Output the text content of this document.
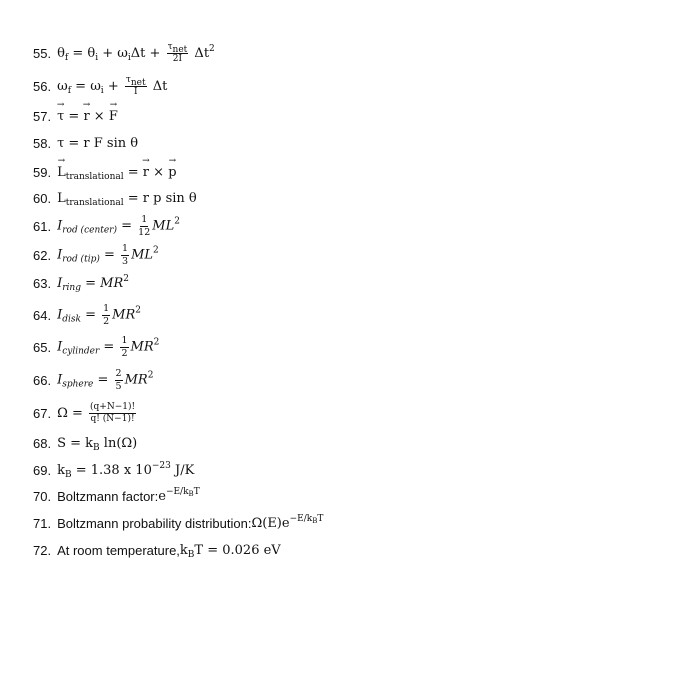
55. $\theta_f = \theta_i + \omega_i\Delta t + \frac{\tau_{net}}{2I} \Delta t^2$
56. $\omega_f = \omega_i + \frac{\tau_{net}}{I}$ Δt
57. τ → = r → × F →
58. τ = r F sin θ
59. $L \to_{translational} = r$ → × p →
60. $L_{translational} = r$ p sin θ
61. $I_{rod (center)} = \frac{1}{12} ML^2$
62. $I_{rod (tip)} = \frac{1}{3} ML^2$
63. $I_{ring} = MR^2$
64. $I_{disk} = \frac{1}{2} MR^2$
65. $I_{cylinder} = \frac{1}{2} MR^2$
66. $I_{sphere} = \frac{2}{5} MR^2$
67. $\Omega = \frac{(q+N-1)!}{q! (N-1)!}$
68. $S = k_B$ ln(Ω)
69. $k_B = 1.38$ x $10^{-23}$ J/K
70. Boltzmann factor: $e^{-E/k_BT}$
71. Boltzmann probability distribution: $\Omega(E)e^{-E/k_BT}$
72. At room temperature, $k_BT = 0.026$ eV
